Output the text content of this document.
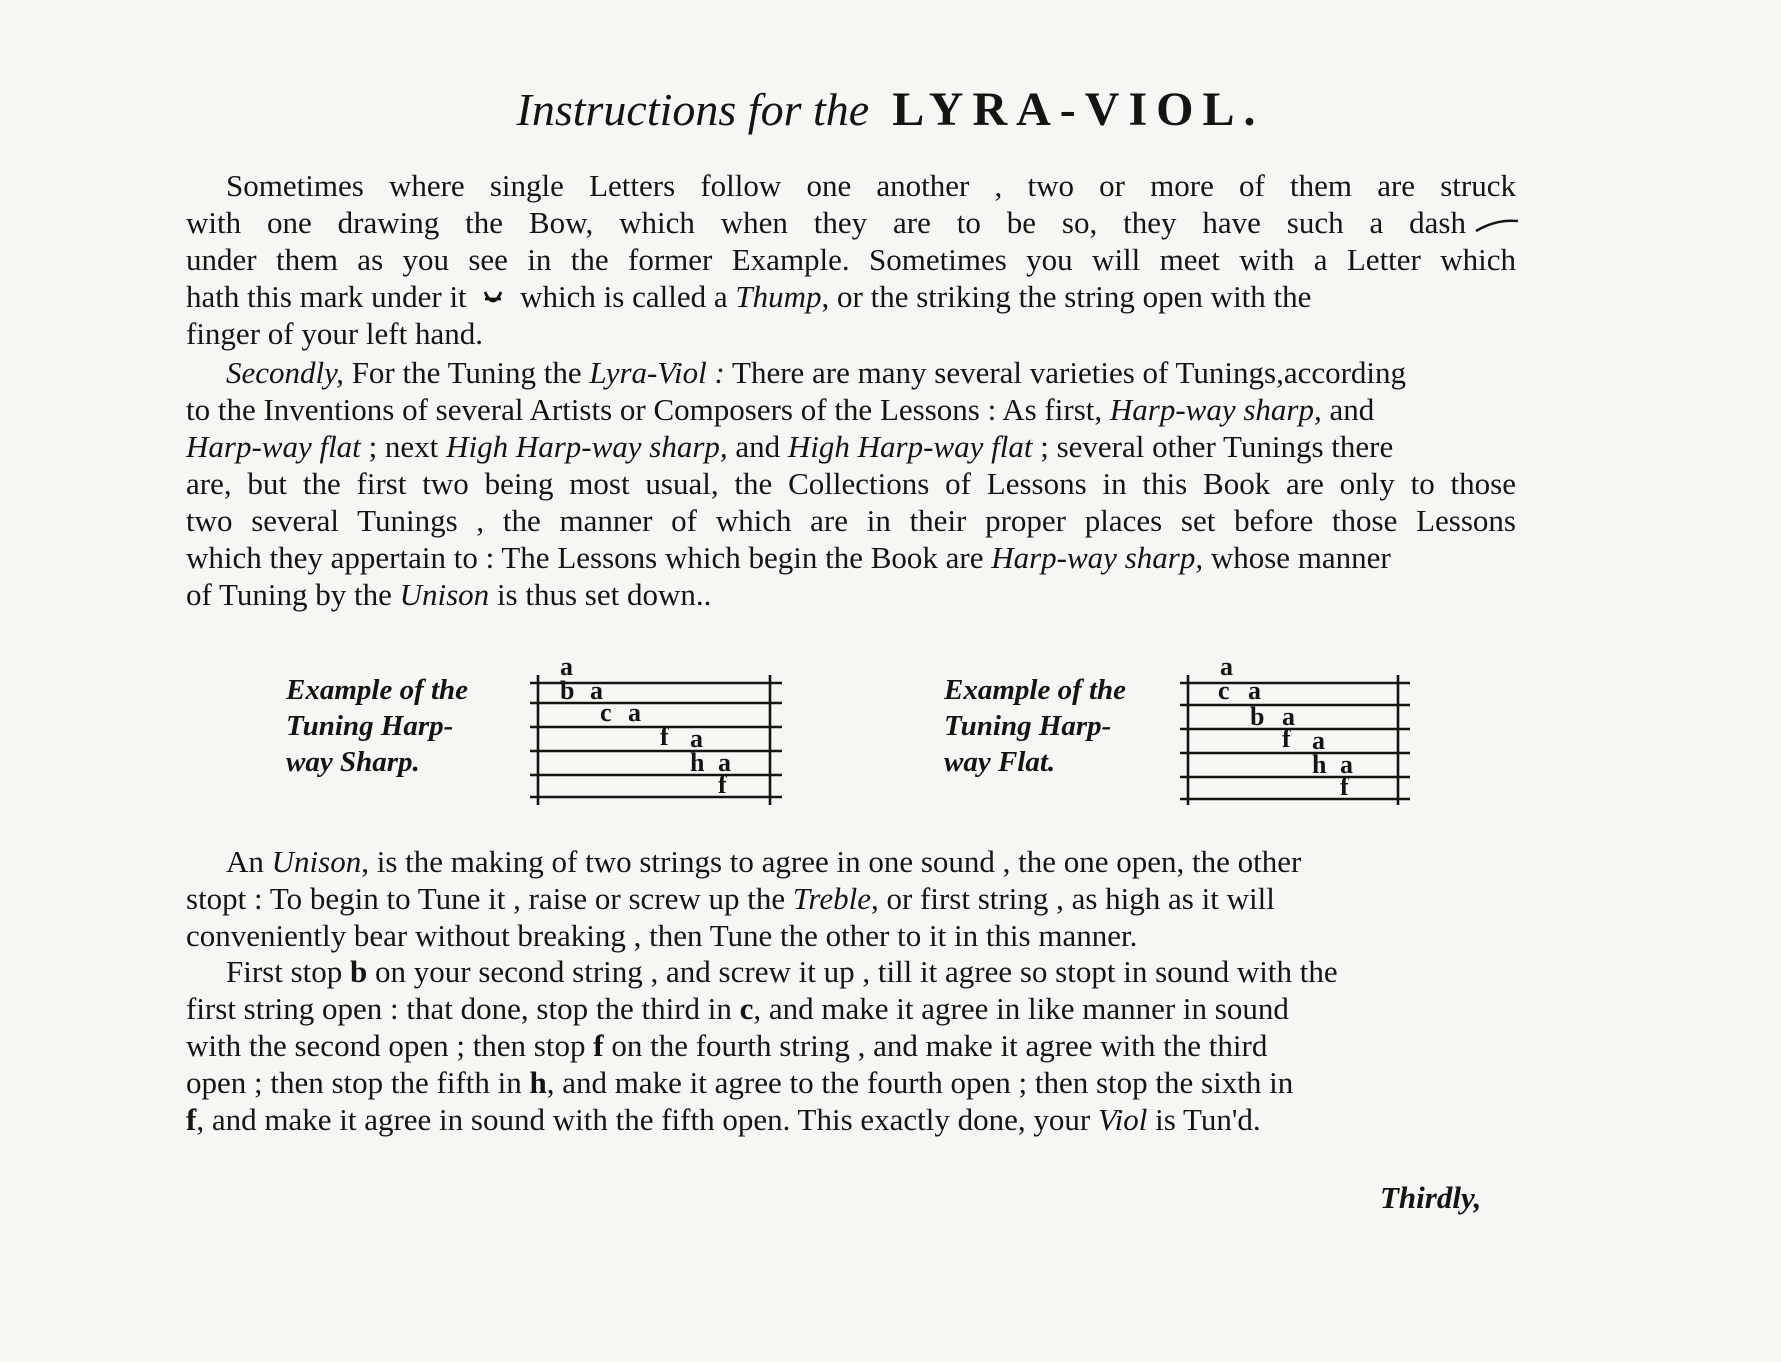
Instructions for the LYRA-VIOL.
Sometimes where single Letters follow one another , two or more of them are struck
with one drawing the Bow, which when they are to be so, they have such a dash
under them as you see in the former Example. Sometimes you will meet with a Letter which
hath this mark under it which is called a Thump, or the striking the string open with the
finger of your left hand.
Secondly, For the Tuning the Lyra-Viol : There are many several varieties of Tunings,according
to the Inventions of several Artists or Composers of the Lessons : As first, Harp-way sharp, and
Harp-way flat ; next High Harp-way sharp, and High Harp-way flat ; several other Tunings there
are, but the first two being most usual, the Collections of Lessons in this Book are only to those
two several Tunings , the manner of which are in their proper places set before those Lessons
which they appertain to : The Lessons which begin the Book are Harp-way sharp, whose manner
of Tuning by the Unison is thus set down..
Example of the
Tuning Harp-
way Sharp.
a
b a
c a
f a
h a
f
Example of the
Tuning Harp-
way Flat.
a
c a
b a
f a
h a
f
An Unison, is the making of two strings to agree in one sound , the one open, the other
stopt : To begin to Tune it , raise or screw up the Treble, or first string , as high as it will
conveniently bear without breaking , then Tune the other to it in this manner.
First stop b on your second string , and screw it up , till it agree so stopt in sound with the
first string open : that done, stop the third in c, and make it agree in like manner in sound
with the second open ; then stop f on the fourth string , and make it agree with the third
open ; then stop the fifth in h, and make it agree to the fourth open ; then stop the sixth in
f, and make it agree in sound with the fifth open. This exactly done, your Viol is Tun'd.
Thirdly,
